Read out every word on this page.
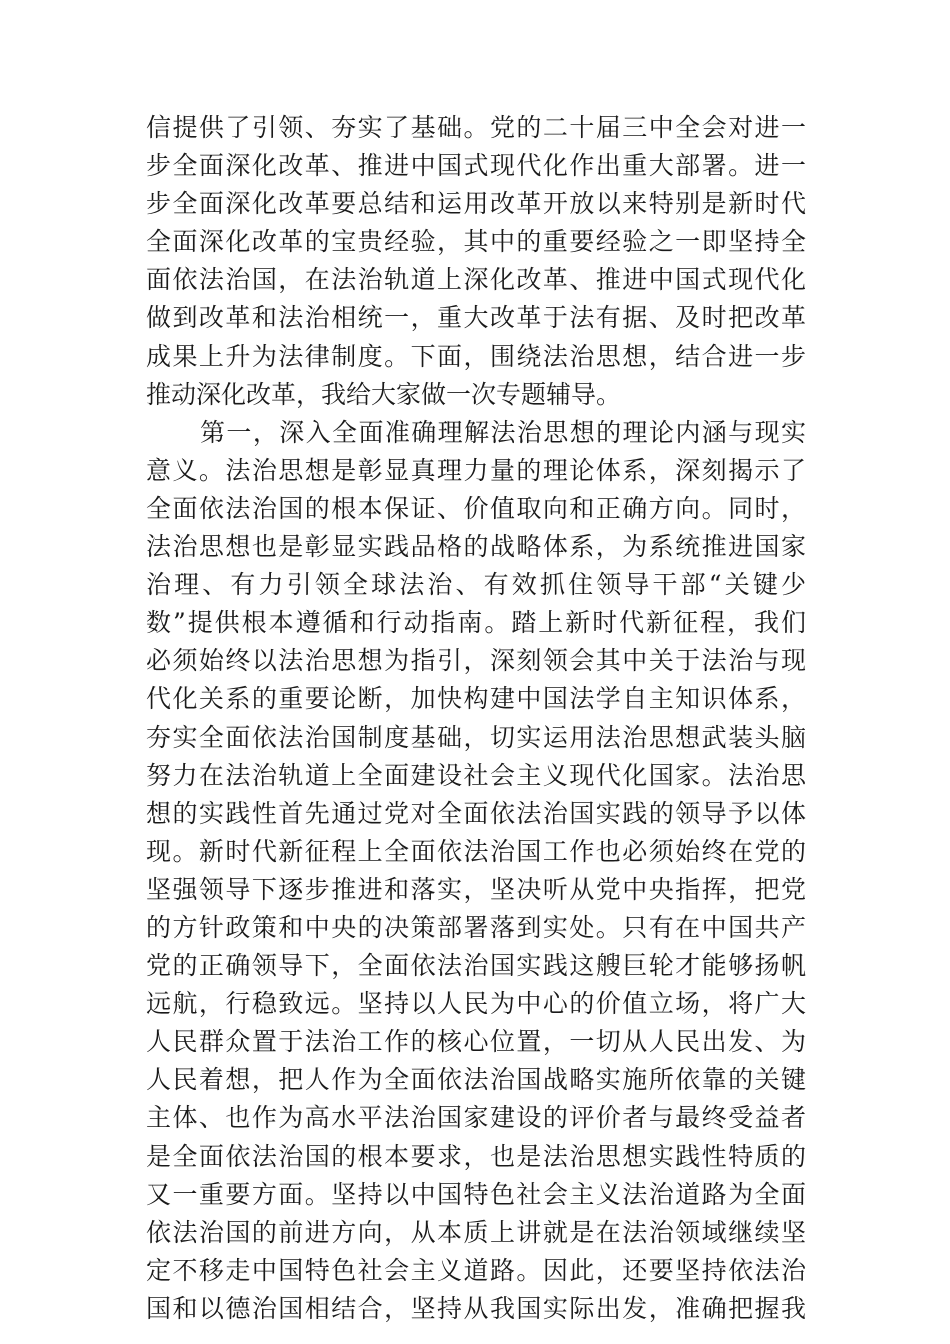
信提供了引领、夯实了基础。党的二十届三中全会对进一
步全面深化改革、推进中国式现代化作出重大部署。进一
步全面深化改革要总结和运用改革开放以来特别是新时代
全面深化改革的宝贵经验，其中的重要经验之一即坚持全
面依法治国，在法治轨道上深化改革、推进中国式现代化
做到改革和法治相统一，重大改革于法有据、及时把改革
成果上升为法律制度。下面，围绕法治思想，结合进一步
推动深化改革，我给大家做一次专题辅导。
第一，深入全面准确理解法治思想的理论内涵与现实
意义。法治思想是彰显真理力量的理论体系，深刻揭示了
全面依法治国的根本保证、价值取向和正确方向。同时，
法治思想也是彰显实践品格的战略体系，为系统推进国家
治理、有力引领全球法治、有效抓住领导干部“关键少
数”提供根本遵循和行动指南。踏上新时代新征程，我们
必须始终以法治思想为指引，深刻领会其中关于法治与现
代化关系的重要论断，加快构建中国法学自主知识体系，
夯实全面依法治国制度基础，切实运用法治思想武装头脑
努力在法治轨道上全面建设社会主义现代化国家。法治思
想的实践性首先通过党对全面依法治国实践的领导予以体
现。新时代新征程上全面依法治国工作也必须始终在党的
坚强领导下逐步推进和落实，坚决听从党中央指挥，把党
的方针政策和中央的决策部署落到实处。只有在中国共产
党的正确领导下，全面依法治国实践这艘巨轮才能够扬帆
远航，行稳致远。坚持以人民为中心的价值立场，将广大
人民群众置于法治工作的核心位置，一切从人民出发、为
人民着想，把人作为全面依法治国战略实施所依靠的关键
主体、也作为高水平法治国家建设的评价者与最终受益者
是全面依法治国的根本要求，也是法治思想实践性特质的
又一重要方面。坚持以中国特色社会主义法治道路为全面
依法治国的前进方向，从本质上讲就是在法治领域继续坚
定不移走中国特色社会主义道路。因此，还要坚持依法治
国和以德治国相结合，坚持从我国实际出发，准确把握我
